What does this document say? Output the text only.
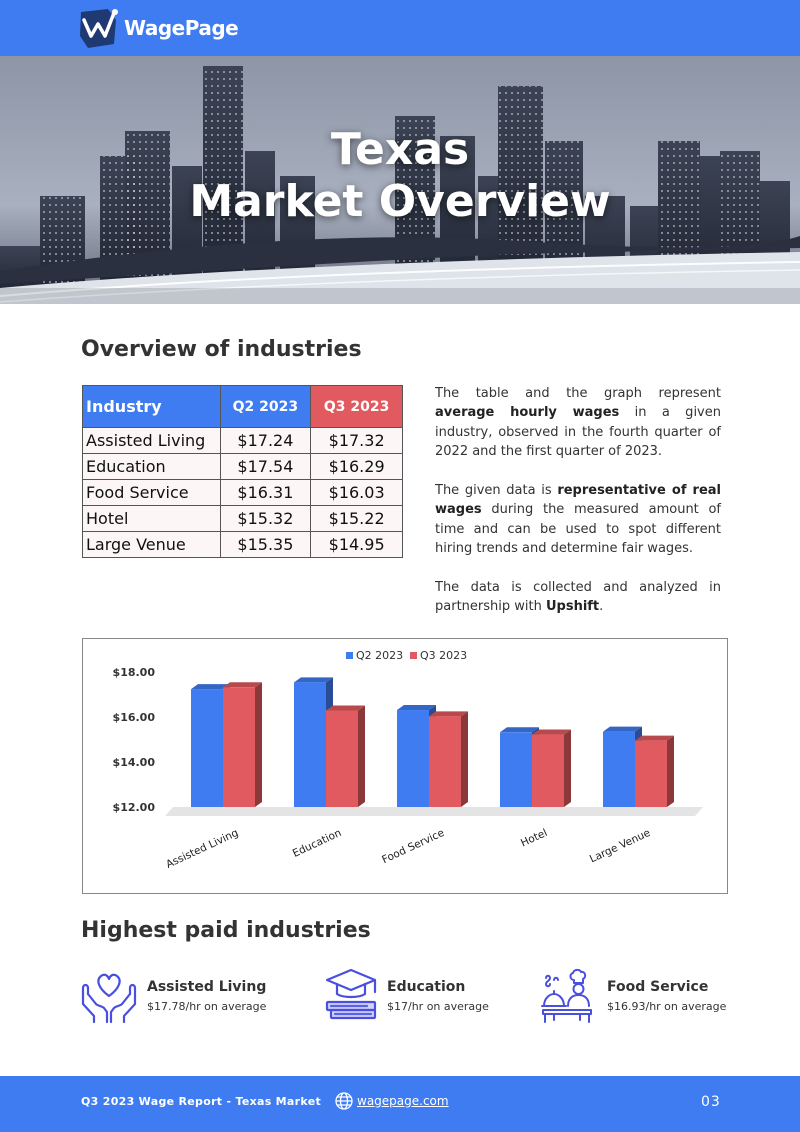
WagePage
Texas
Market Overview
Overview of industries
Industry	Q2 2023	Q3 2023
Assisted Living	$17.24	$17.32
Education	$17.54	$16.29
Food Service	$16.31	$16.03
Hotel	$15.32	$15.22
Large Venue	$15.35	$14.95

The table and the graph represent average hourly wages in a given industry, observed in the fourth quarter of 2022 and the first quarter of 2023.

The given data is representative of real wages during the measured amount of time and can be used to spot different hiring trends and determine fair wages.

The data is collected and analyzed in partnership with Upshift.

$12.00
$14.00
$16.00
$18.00
Q2 2023 Q3 2023
Assisted Living	Education	Food Service	Hotel	Large Venue
Highest paid industries
Assisted Living
$17.78/hr on average
Education
$17/hr on average
Food Service
$16.93/hr on average
Q3 2023 Wage Report - Texas Market	wagepage.com	03
